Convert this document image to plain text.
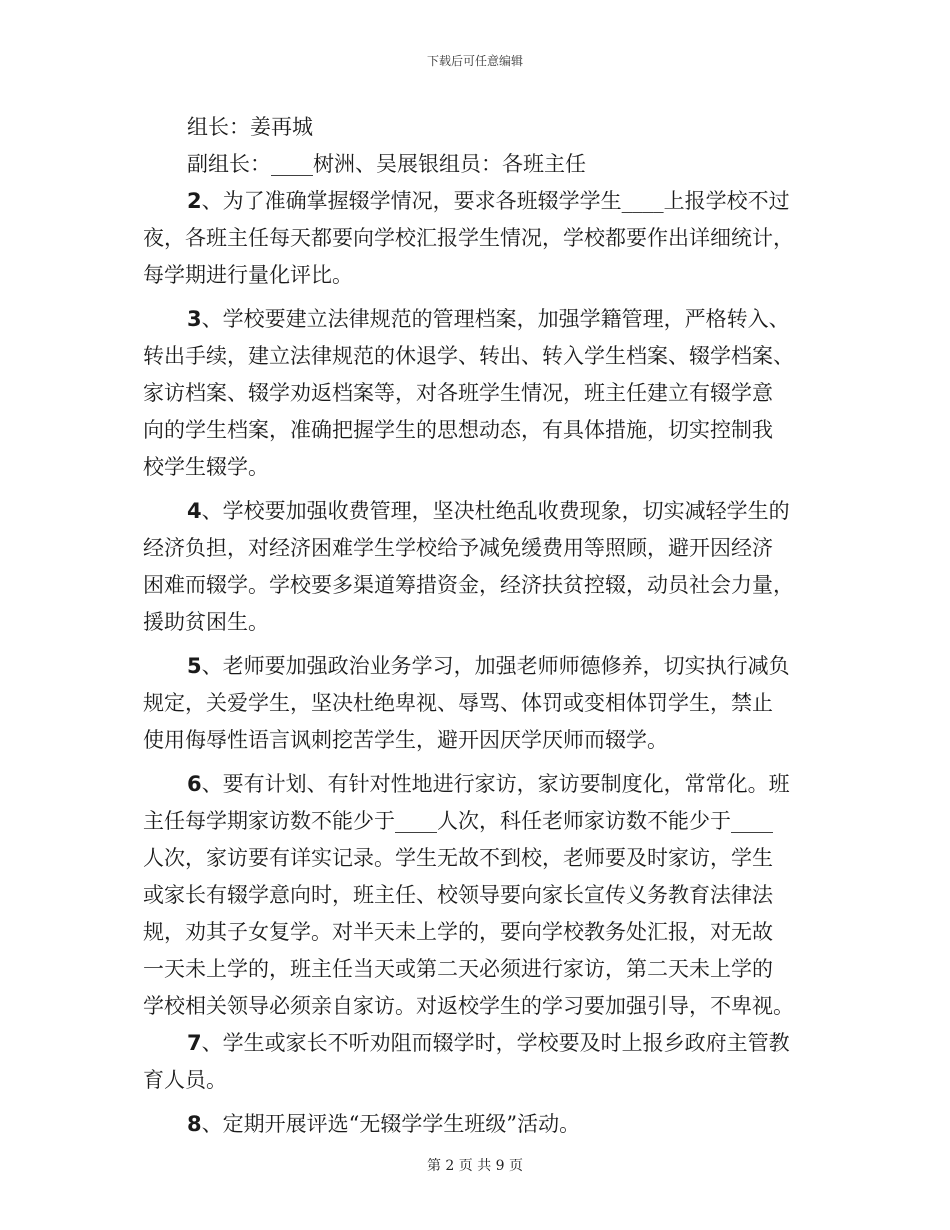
下载后可任意编辑
组长：姜再城
副组长：____树洲、吴展银组员：各班主任
2、为了准确掌握辍学情况，要求各班辍学学生____上报学校不过
夜，各班主任每天都要向学校汇报学生情况，学校都要作出详细统计，
每学期进行量化评比。
3、学校要建立法律规范的管理档案，加强学籍管理，严格转入、
转出手续，建立法律规范的休退学、转出、转入学生档案、辍学档案、
家访档案、辍学劝返档案等，对各班学生情况，班主任建立有辍学意
向的学生档案，准确把握学生的思想动态，有具体措施，切实控制我
校学生辍学。
4、学校要加强收费管理，坚决杜绝乱收费现象，切实减轻学生的
经济负担，对经济困难学生学校给予减免缓费用等照顾，避开因经济
困难而辍学。学校要多渠道筹措资金，经济扶贫控辍，动员社会力量，
援助贫困生。
5、老师要加强政治业务学习，加强老师师德修养，切实执行减负
规定，关爱学生，坚决杜绝卑视、辱骂、体罚或变相体罚学生，禁止
使用侮辱性语言讽刺挖苦学生，避开因厌学厌师而辍学。
6、要有计划、有针对性地进行家访，家访要制度化，常常化。班
主任每学期家访数不能少于____人次，科任老师家访数不能少于____
人次，家访要有详实记录。学生无故不到校，老师要及时家访，学生
或家长有辍学意向时，班主任、校领导要向家长宣传义务教育法律法
规，劝其子女复学。对半天未上学的，要向学校教务处汇报，对无故
一天未上学的，班主任当天或第二天必须进行家访，第二天未上学的
学校相关领导必须亲自家访。对返校学生的学习要加强引导，不卑视。
7、学生或家长不听劝阻而辍学时，学校要及时上报乡政府主管教
育人员。
8、定期开展评选“无辍学学生班级”活动。
第 2 页 共 9 页
